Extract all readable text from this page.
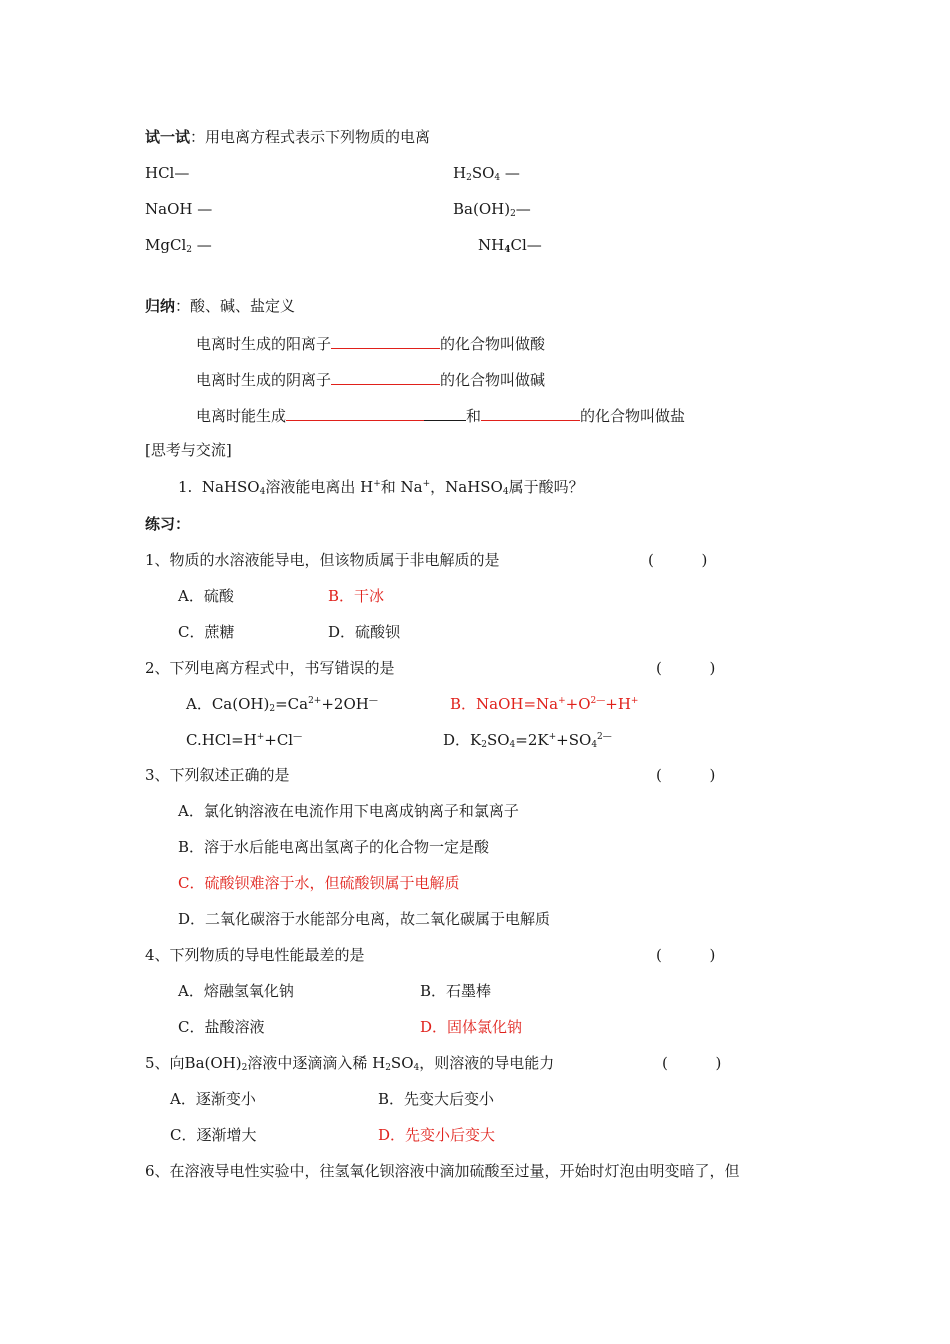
试一试：用电离方程式表示下列物质的电离
HCl—	$H_2SO_4$ —
NaOH —	$Ba(OH)_2—$
MgCl$_2$ —	$NH_4Cl—$
归纳：酸、碱、盐定义
电离时生成的阳离子	的化合物叫做酸
电离时生成的阴离子	的化合物叫做碱
电离时能生成	和	的化合物叫做盐
[思考与交流]
1. NaHSO$_4$溶液能电离出 H+和 Na+，NaHSO$_4$属于酸吗？
练习：
1、物质的水溶液能导电，但该物质属于非电解质的是	(          )
A．硫酸	B．干冰
C．蔗糖	D．硫酸钡
2、下列电离方程式中，书写错误的是	(          )
A．$Ca(OH)_2=Ca^{2+}+2OH^—$	B．$NaOH=Na^++O^{2—}+H^+$
C.HCl=H++Cl—	D．$K_2SO_4=2K^++SO_4^{2—}$
3、下列叙述正确的是	(          )
A．氯化钠溶液在电流作用下电离成钠离子和氯离子
B．溶于水后能电离出氢离子的化合物一定是酸
C．硫酸钡难溶于水，但硫酸钡属于电解质
D．二氧化碳溶于水能部分电离，故二氧化碳属于电解质
4、下列物质的导电性能最差的是	(          )
A．熔融氢氧化钠	B．石墨棒
C．盐酸溶液	D．固体氯化钠
5、向$Ba(OH)_2$溶液中逐滴滴入稀 $H_2SO_4$，则溶液的导电能力	(          )
A．逐渐变小	B．先变大后变小
C．逐渐增大	D．先变小后变大
6、在溶液导电性实验中，往氢氧化钡溶液中滴加硫酸至过量，开始时灯泡由明变暗了，但
